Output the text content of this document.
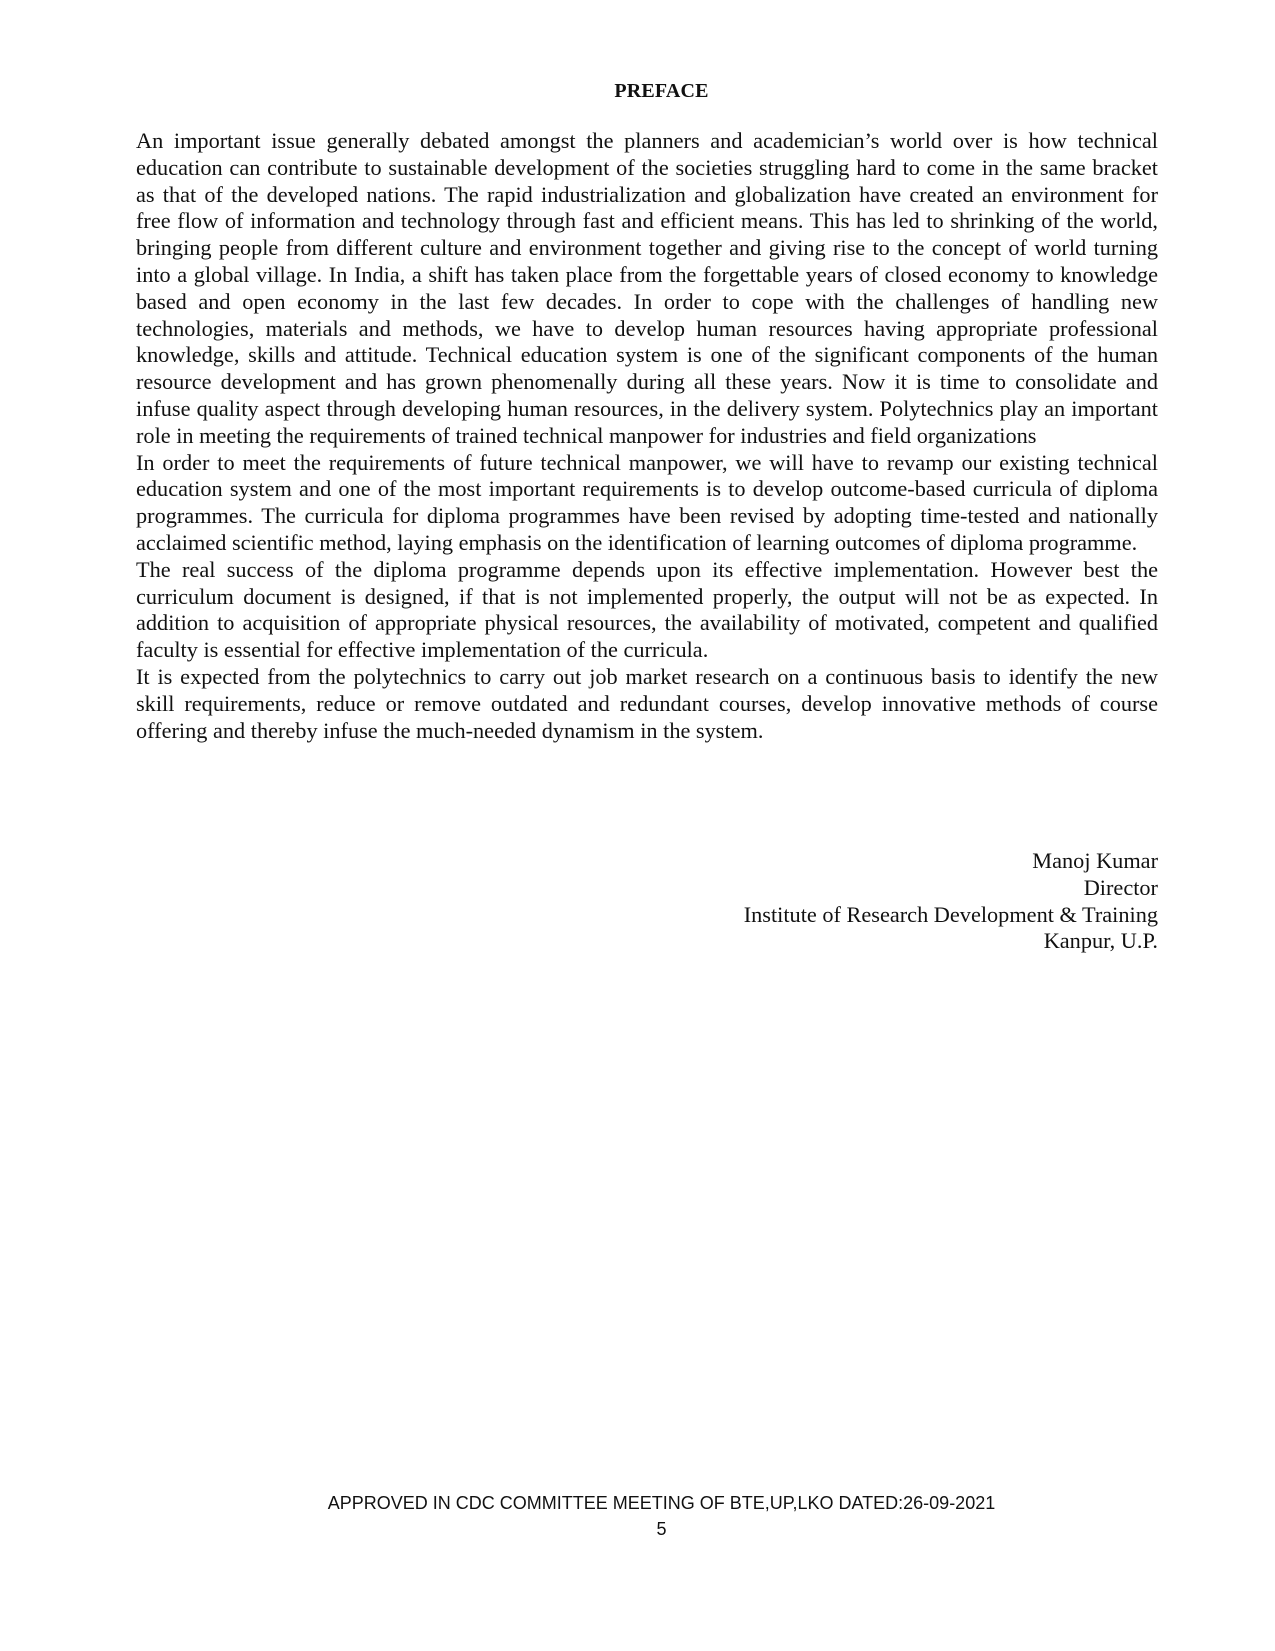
PREFACE

An important issue generally debated amongst the planners and academician’s world over is how technical education can contribute to sustainable development of the societies struggling hard to come in the same bracket as that of the developed nations. The rapid industrialization and globalization have created an environment for free flow of information and technology through fast and efficient means. This has led to shrinking of the world, bringing people from different culture and environment together and giving rise to the concept of world turning into a global village. In India, a shift has taken place from the forgettable years of closed economy to knowledge based and open economy in the last few decades. In order to cope with the challenges of handling new technologies, materials and methods, we have to develop human resources having appropriate professional knowledge, skills and attitude. Technical education system is one of the significant components of the human resource development and has grown phenomenally during all these years. Now it is time to consolidate and infuse quality aspect through developing human resources, in the delivery system. Polytechnics play an important role in meeting the requirements of trained technical manpower for industries and field organizations

In order to meet the requirements of future technical manpower, we will have to revamp our existing technical education system and one of the most important requirements is to develop outcome-based curricula of diploma programmes. The curricula for diploma programmes have been revised by adopting time-tested and nationally acclaimed scientific method, laying emphasis on the identification of learning outcomes of diploma programme.

The real success of the diploma programme depends upon its effective implementation. However best the curriculum document is designed, if that is not implemented properly, the output will not be as expected. In addition to acquisition of appropriate physical resources, the availability of motivated, competent and qualified faculty is essential for effective implementation of the curricula.

It is expected from the polytechnics to carry out job market research on a continuous basis to identify the new skill requirements, reduce or remove outdated and redundant courses, develop innovative methods of course offering and thereby infuse the much-needed dynamism in the system.

Manoj Kumar
Director
Institute of Research Development & Training
Kanpur, U.P.
APPROVED IN CDC COMMITTEE MEETING OF BTE,UP,LKO DATED:26-09-2021
5
